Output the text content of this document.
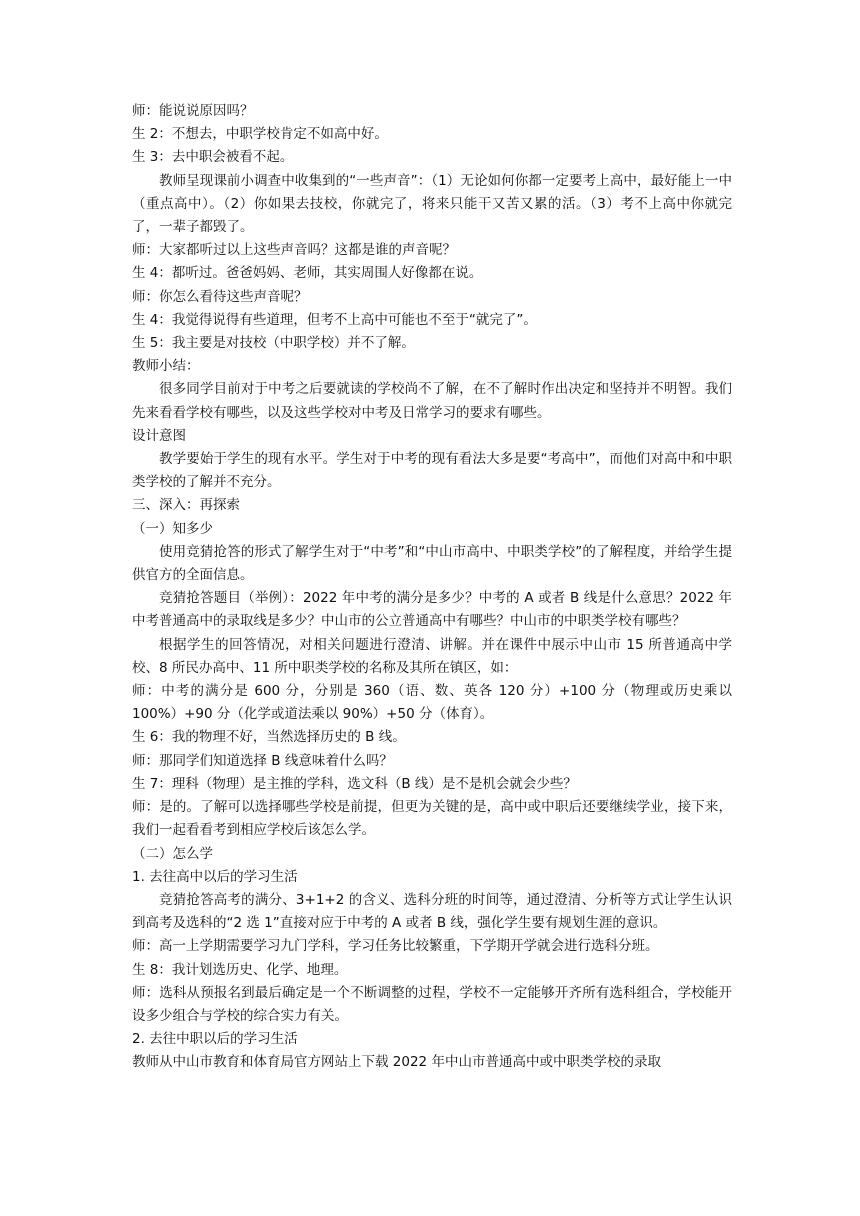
师：能说说原因吗？

生 2：不想去，中职学校肯定不如高中好。

生 3：去中职会被看不起。

教师呈现课前小调查中收集到的“一些声音”：（1）无论如何你都一定要考上高中，最好能上一中（重点高中）。（2）你如果去技校，你就完了，将来只能干又苦又累的活。（3）考不上高中你就完了，一辈子都毁了。

师：大家都听过以上这些声音吗？这都是谁的声音呢？

生 4：都听过。爸爸妈妈、老师，其实周围人好像都在说。

师：你怎么看待这些声音呢？

生 4：我觉得说得有些道理，但考不上高中可能也不至于“就完了”。

生 5：我主要是对技校（中职学校）并不了解。

教师小结：

很多同学目前对于中考之后要就读的学校尚不了解，在不了解时作出决定和坚持并不明智。我们先来看看学校有哪些，以及这些学校对中考及日常学习的要求有哪些。

设计意图

教学要始于学生的现有水平。学生对于中考的现有看法大多是要“考高中”，而他们对高中和中职类学校的了解并不充分。

三、深入：再探索

（一）知多少

使用竞猜抢答的形式了解学生对于“中考”和“中山市高中、中职类学校”的了解程度，并给学生提供官方的全面信息。

竞猜抢答题目（举例）：2022 年中考的满分是多少？中考的 A 或者 B 线是什么意思？2022 年中考普通高中的录取线是多少？中山市的公立普通高中有哪些？中山市的中职类学校有哪些？

根据学生的回答情况，对相关问题进行澄清、讲解。并在课件中展示中山市 15 所普通高中学校、8 所民办高中、11 所中职类学校的名称及其所在镇区，如：

师：中考的满分是 600 分，分别是 360（语、数、英各 120 分）+100 分（物理或历史乘以 100%）+90 分（化学或道法乘以 90%）+50 分（体育）。

生 6：我的物理不好，当然选择历史的 B 线。

师：那同学们知道选择 B 线意味着什么吗？

生 7：理科（物理）是主推的学科，选文科（B 线）是不是机会就会少些？

师：是的。了解可以选择哪些学校是前提，但更为关键的是，高中或中职后还要继续学业，接下来，我们一起看看考到相应学校后该怎么学。

（二）怎么学

1. 去往高中以后的学习生活

竞猜抢答高考的满分、3+1+2 的含义、选科分班的时间等，通过澄清、分析等方式让学生认识到高考及选科的“2 选 1”直接对应于中考的 A 或者 B 线，强化学生要有规划生涯的意识。

师：高一上学期需要学习九门学科，学习任务比较繁重，下学期开学就会进行选科分班。

生 8：我计划选历史、化学、地理。

师：选科从预报名到最后确定是一个不断调整的过程，学校不一定能够开齐所有选科组合，学校能开设多少组合与学校的综合实力有关。

2. 去往中职以后的学习生活

教师从中山市教育和体育局官方网站上下载 2022 年中山市普通高中或中职类学校的录取
